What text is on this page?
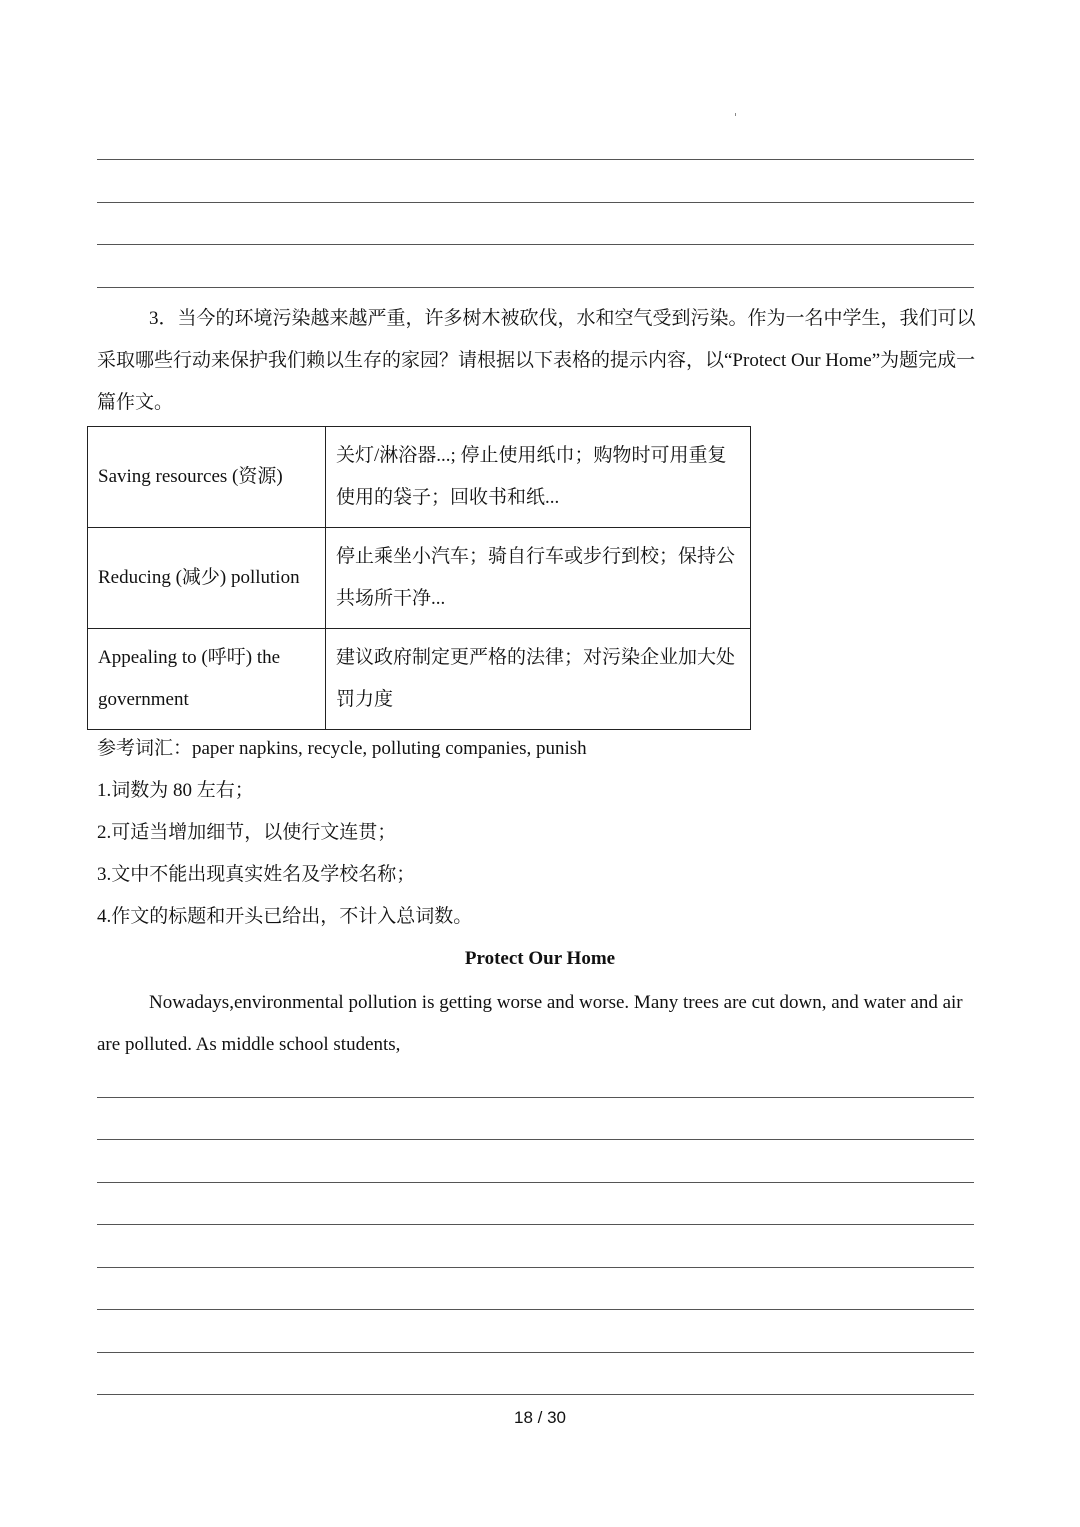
3．当今的环境污染越来越严重，许多树木被砍伐，水和空气受到污染。作为一名中学生，我们可以采取哪些行动来保护我们赖以生存的家园？请根据以下表格的提示内容，以“Protect Our Home”为题完成一篇作文。

Saving resources (资源)	关灯/淋浴器...; 停止使用纸巾；购物时可用重复使用的袋子；回收书和纸...
Reducing (减少) pollution	停止乘坐小汽车；骑自行车或步行到校；保持公共场所干净...
Appealing to (呼吁) the government	建议政府制定更严格的法律；对污染企业加大处罚力度

参考词汇：paper napkins, recycle, polluting companies, punish

1.词数为 80 左右；

2.可适当增加细节，以使行文连贯；

3.文中不能出现真实姓名及学校名称；

4.作文的标题和开头已给出，不计入总词数。

Protect Our Home

Nowadays,environmental pollution is getting worse and worse. Many trees are cut down, and water and air are polluted. As middle school students,

18 / 30
